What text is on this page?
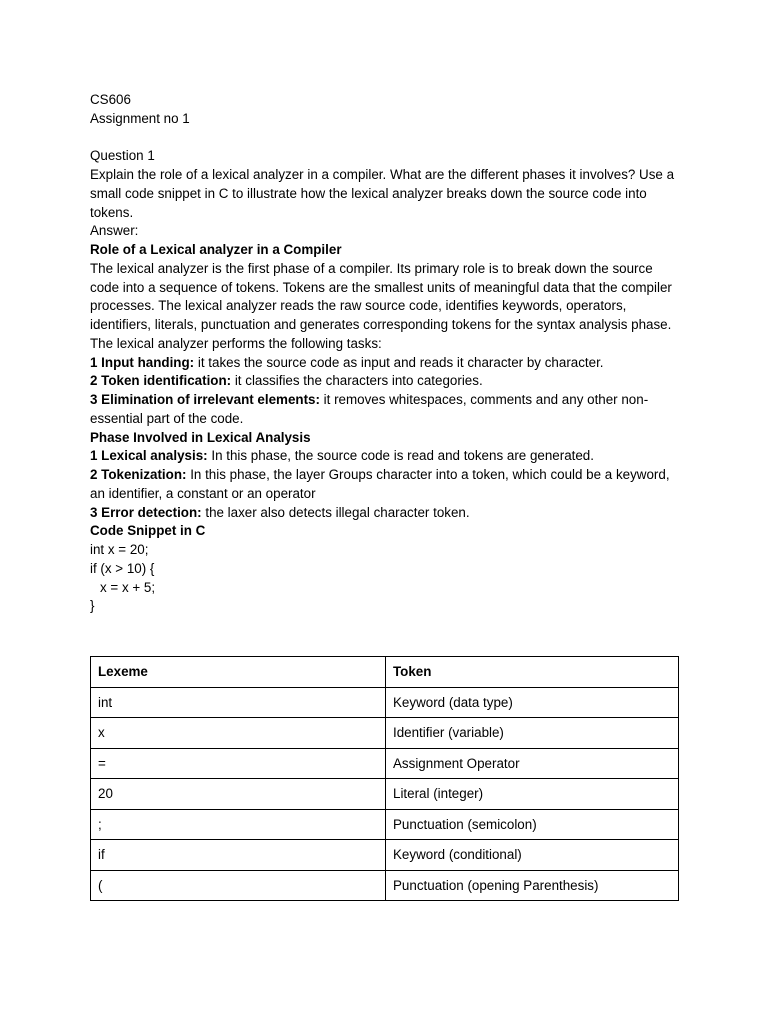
CS606
Assignment no 1
Question 1
Explain the role of a lexical analyzer in a compiler. What are the different phases it involves? Use a small code snippet in C to illustrate how the lexical analyzer breaks down the source code into tokens.
Answer:
Role of a Lexical analyzer in a Compiler
The lexical analyzer is the first phase of a compiler. Its primary role is to break down the source code into a sequence of tokens. Tokens are the smallest units of meaningful data that the compiler processes. The lexical analyzer reads the raw source code, identifies keywords, operators, identifiers, literals, punctuation and generates corresponding tokens for the syntax analysis phase.
The lexical analyzer performs the following tasks:
1 Input handing: it takes the source code as input and reads it character by character.
2 Token identification: it classifies the characters into categories.
3 Elimination of irrelevant elements: it removes whitespaces, comments and any other non-essential part of the code.
Phase Involved in Lexical Analysis
1 Lexical analysis: In this phase, the source code is read and tokens are generated.
2 Tokenization: In this phase, the layer Groups character into a token, which could be a keyword, an identifier, a constant or an operator
3 Error detection: the laxer also detects illegal character token.
Code Snippet in C
int x = 20;
if (x > 10) {
x = x + 5;
}
Lexeme	Token
int	Keyword (data type)
x	Identifier (variable)
=	Assignment Operator
20	Literal (integer)
;	Punctuation (semicolon)
if	Keyword (conditional)
(	Punctuation (opening Parenthesis)
